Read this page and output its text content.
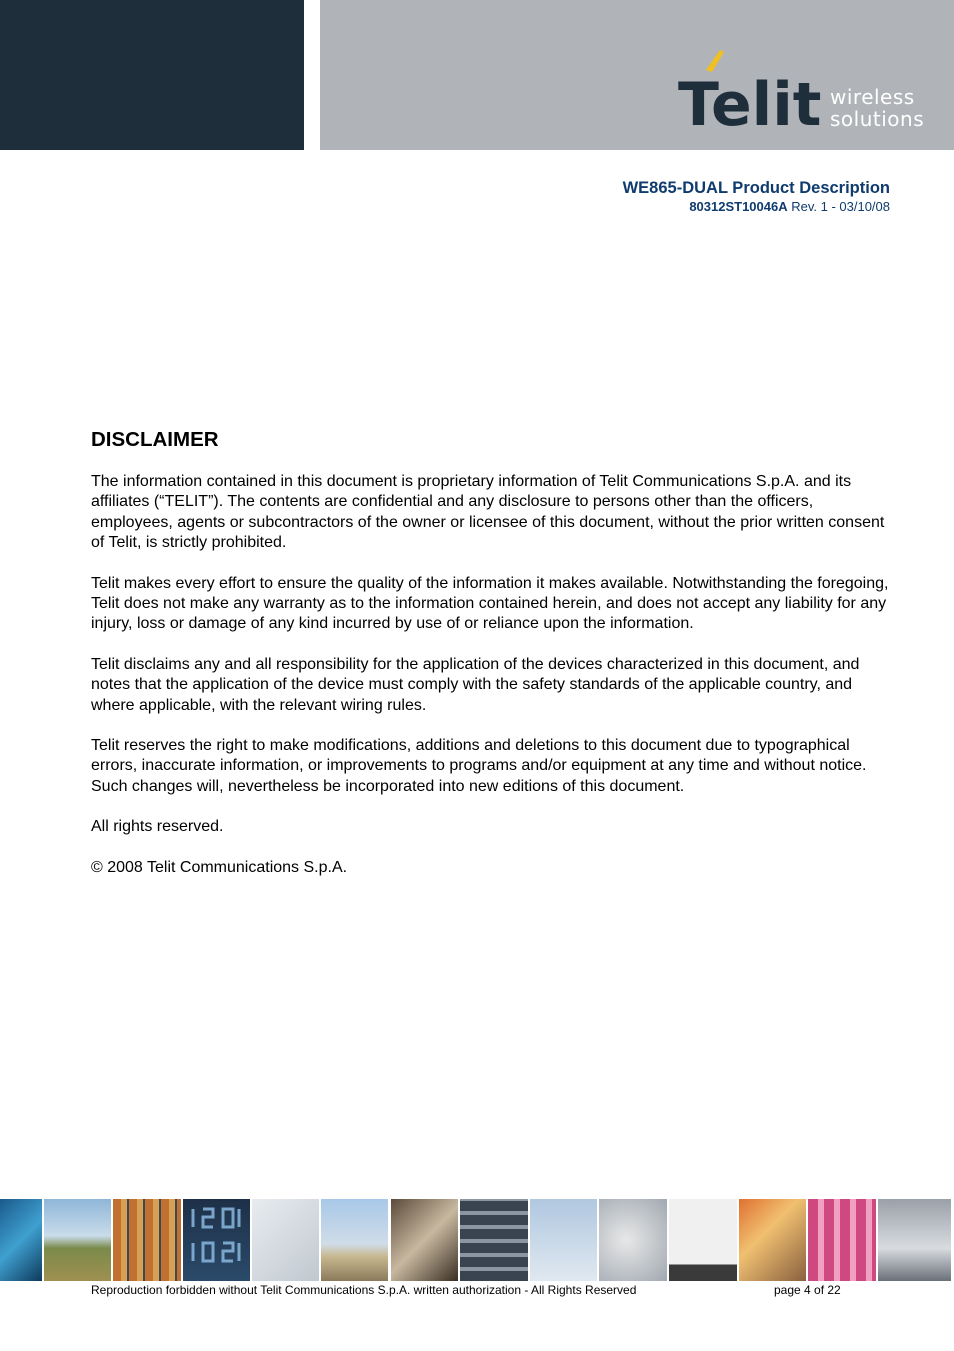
Telit wireless
solutions
WE865-DUAL Product Description
80312ST10046A Rev. 1 - 03/10/08
DISCLAIMER

The information contained in this document is proprietary information of Telit Communications S.p.A. and its affiliates (“TELIT”). The contents are confidential and any disclosure to persons other than the officers, employees, agents or subcontractors of the owner or licensee of this document, without the prior written consent of Telit, is strictly prohibited.

Telit makes every effort to ensure the quality of the information it makes available. Notwithstanding the foregoing, Telit does not make any warranty as to the information contained herein, and does not accept any liability for any injury, loss or damage of any kind incurred by use of or reliance upon the information.

Telit disclaims any and all responsibility for the application of the devices characterized in this document, and notes that the application of the device must comply with the safety standards of the applicable country, and where applicable, with the relevant wiring rules.

Telit reserves the right to make modifications, additions and deletions to this document due to typographical errors, inaccurate information, or improvements to programs and/or equipment at any time and without notice. Such changes will, nevertheless be incorporated into new editions of this document.

All rights reserved.

© 2008 Telit Communications S.p.A.

Reproduction forbidden without Telit Communications S.p.A. written authorization - All Rights Reserved	page 4 of 22
